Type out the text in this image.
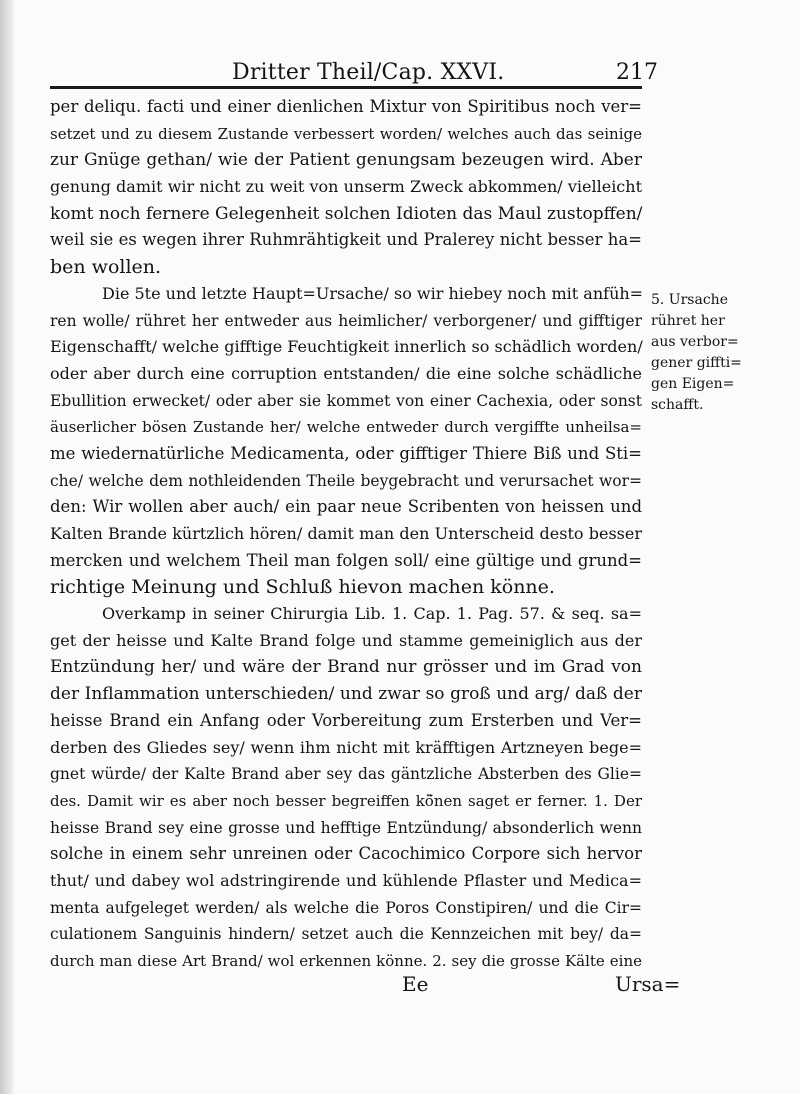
Dritter Theil/Cap. XXVI.	217
per deliqu. facti und einer dienlichen Mixtur von Spiritibus noch ver=
setzet und zu diesem Zustande verbessert worden/ welches auch das seinige
zur Gnüge gethan/ wie der Patient genungsam bezeugen wird. Aber
genung damit wir nicht zu weit von unserm Zweck abkommen/ vielleicht
komt noch fernere Gelegenheit solchen Idioten das Maul zustopffen/
weil sie es wegen ihrer Ruhmrähtigkeit und Pralerey nicht besser ha=
ben wollen.
Die 5te und letzte Haupt=Ursache/ so wir hiebey noch mit anfüh=
ren wolle/ rühret her entweder aus heimlicher/ verborgener/ und gifftiger
Eigenschafft/ welche gifftige Feuchtigkeit innerlich so schädlich worden/
oder aber durch eine corruption entstanden/ die eine solche schädliche
Ebullition erwecket/ oder aber sie kommet von einer Cachexia, oder sonst
äuserlicher bösen Zustande her/ welche entweder durch vergiffte unheilsa=
me wiedernatürliche Medicamenta, oder gifftiger Thiere Biß und Sti=
che/ welche dem nothleidenden Theile beygebracht und verursachet wor=
den: Wir wollen aber auch/ ein paar neue Scribenten von heissen und
Kalten Brande kürtzlich hören/ damit man den Unterscheid desto besser
mercken und welchem Theil man folgen soll/ eine gültige und grund=
richtige Meinung und Schluß hievon machen könne.
Overkamp in seiner Chirurgia Lib. 1. Cap. 1. Pag. 57. & seq. sa=
get der heisse und Kalte Brand folge und stamme gemeiniglich aus der
Entzündung her/ und wäre der Brand nur grösser und im Grad von
der Inflammation unterschieden/ und zwar so groß und arg/ daß der
heisse Brand ein Anfang oder Vorbereitung zum Ersterben und Ver=
derben des Gliedes sey/ wenn ihm nicht mit kräfftigen Artzneyen bege=
gnet würde/ der Kalte Brand aber sey das gäntzliche Absterben des Glie=
des. Damit wir es aber noch besser begreiffen kö̃nen saget er ferner. 1. Der
heisse Brand sey eine grosse und hefftige Entzündung/ absonderlich wenn
solche in einem sehr unreinen oder Cacochimico Corpore sich hervor
thut/ und dabey wol adstringirende und kühlende Pflaster und Medica=
menta aufgeleget werden/ als welche die Poros Constipiren/ und die Cir=
culationem Sanguinis hindern/ setzet auch die Kennzeichen mit bey/ da=
durch man diese Art Brand/ wol erkennen könne. 2. sey die grosse Kälte eine
5. Ursache
rühret her
aus verbor=
gener giffti=
gen Eigen=
schafft.
Ee	Ursa=
